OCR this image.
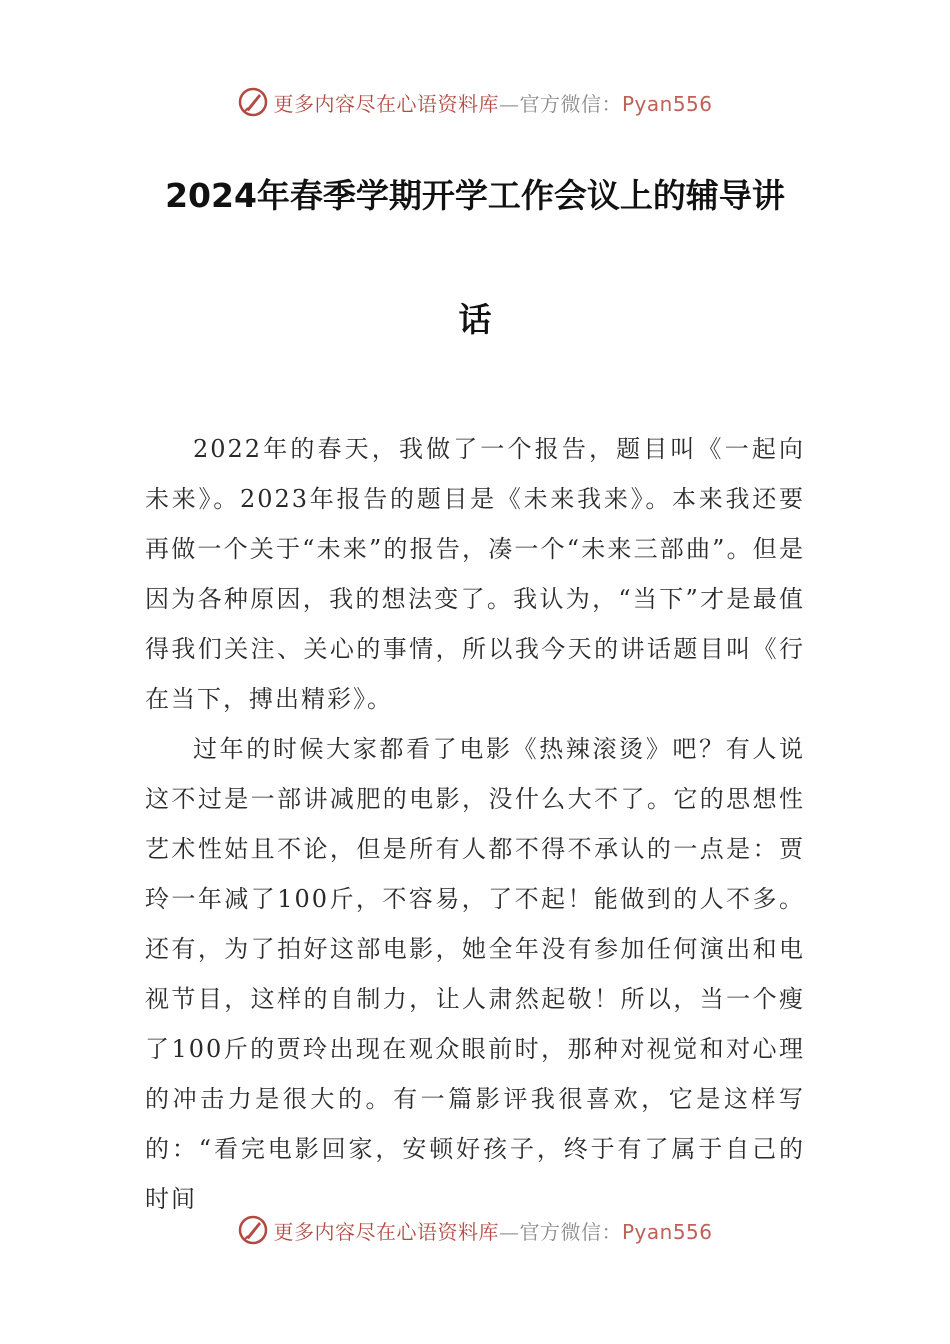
更多内容尽在心语资料库—官方微信：Pyan556
2024年春季学期开学工作会议上的辅导讲
话

2022年的春天，我做了一个报告，题目叫《一起向未来》。2023年报告的题目是《未来我来》。本来我还要再做一个关于“未来”的报告，凑一个“未来三部曲”。但是因为各种原因，我的想法变了。我认为，“当下”才是最值得我们关注、关心的事情，所以我今天的讲话题目叫《行在当下，搏出精彩》。

过年的时候大家都看了电影《热辣滚烫》吧？有人说这不过是一部讲减肥的电影，没什么大不了。它的思想性艺术性姑且不论，但是所有人都不得不承认的一点是：贾玲一年减了100斤，不容易，了不起！能做到的人不多。还有，为了拍好这部电影，她全年没有参加任何演出和电视节目，这样的自制力，让人肃然起敬！所以，当一个瘦了100斤的贾玲出现在观众眼前时，那种对视觉和对心理的冲击力是很大的。有一篇影评我很喜欢，它是这样写的：“看完电影回家，安顿好孩子，终于有了属于自己的时间

更多内容尽在心语资料库—官方微信：Pyan556
